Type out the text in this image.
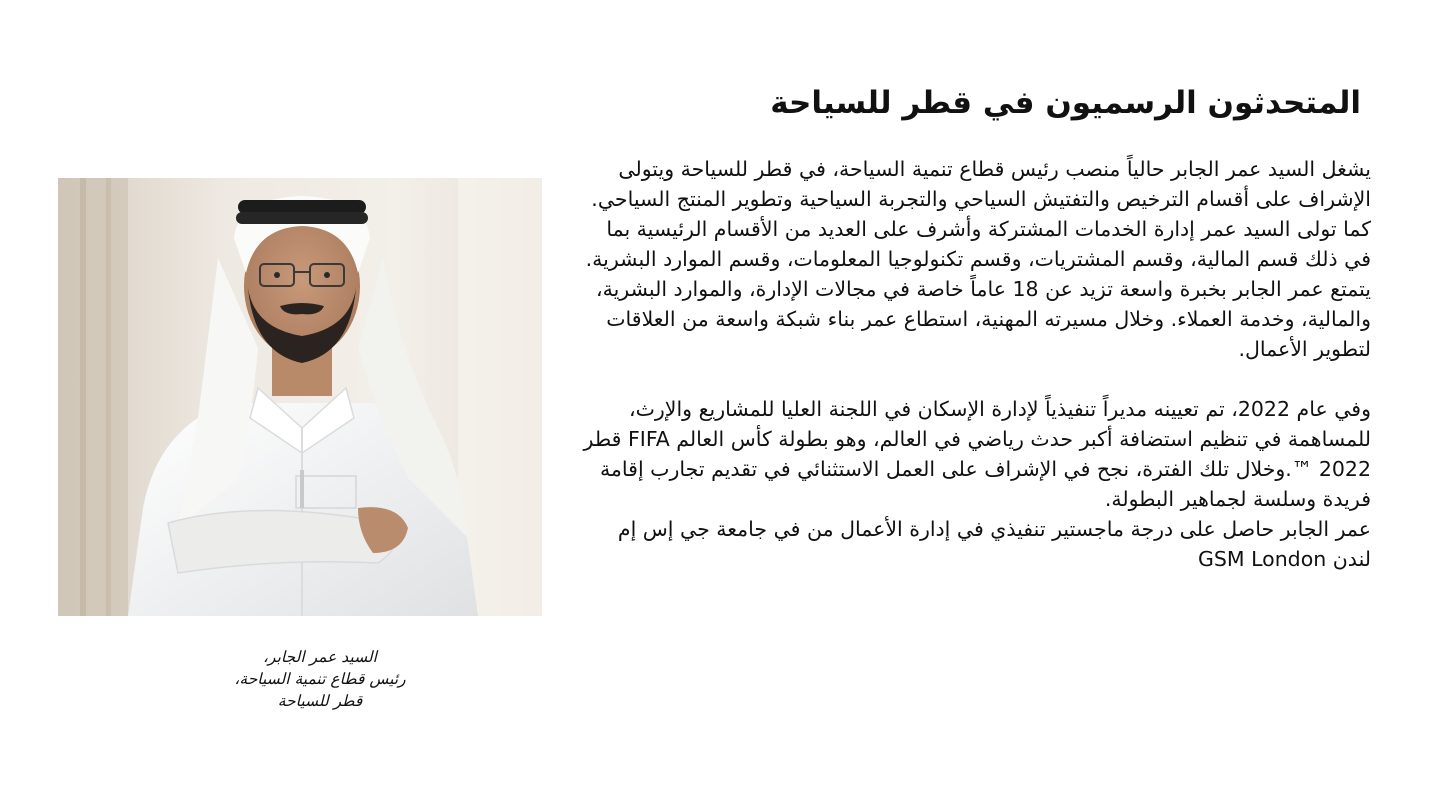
المتحدثون الرسميون في قطر للسياحة

يشغل السيد عمر الجابر حالياً منصب رئيس قطاع تنمية السياحة، في قطر للسياحة ويتولى الإشراف على أقسام الترخيص والتفتيش السياحي والتجربة السياحية وتطوير المنتج السياحي. كما تولى السيد عمر إدارة الخدمات المشتركة وأشرف على العديد من الأقسام الرئيسية بما في ذلك قسم المالية، وقسم المشتريات، وقسم تكنولوجيا المعلومات، وقسم الموارد البشرية. يتمتع عمر الجابر بخبرة واسعة تزيد عن 18 عاماً خاصة في مجالات الإدارة، والموارد البشرية، والمالية، وخدمة العملاء. وخلال مسيرته المهنية، استطاع عمر بناء شبكة واسعة من العلاقات لتطوير الأعمال.

وفي عام 2022، تم تعيينه مديراً تنفيذياً لإدارة الإسكان في اللجنة العليا للمشاريع والإرث، للمساهمة في تنظيم استضافة أكبر حدث رياضي في العالم، وهو بطولة كأس العالم FIFA قطر 2022 ™.وخلال تلك الفترة، نجح في الإشراف على العمل الاستثنائي في تقديم تجارب إقامة فريدة وسلسة لجماهير البطولة.

عمر الجابر حاصل على درجة ماجستير تنفيذي في إدارة الأعمال من في جامعة جي إس إم لندن GSM London

السيد عمر الجابر،
رئيس قطاع تنمية السياحة،
قطر للسياحة
